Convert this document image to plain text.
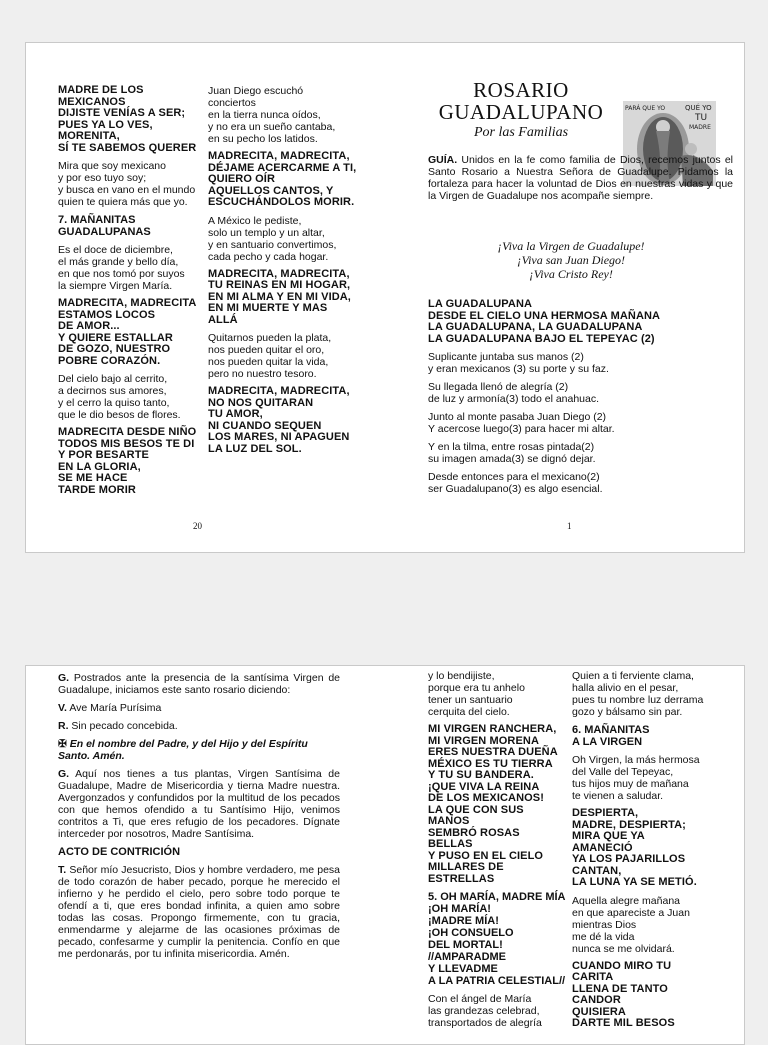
MADRE DE LOS
MEXICANOS
DIJISTE VENÍAS A SER;
PUES YA LO VES,
MORENITA,
SÍ TE SABEMOS QUERER

Mira que soy mexicano
y por eso tuyo soy;
y busca en vano en el mundo
quien te quiera más que yo.

7. MAÑANITAS
GUADALUPANAS

Es el doce de diciembre,
el más grande y bello día,
en que nos tomó por suyos
la siempre Virgen María.

MADRECITA, MADRECITA
ESTAMOS LOCOS
DE AMOR...
Y QUIERE ESTALLAR
DE GOZO, NUESTRO
POBRE CORAZÓN.

Del cielo bajo al cerrito,
a decirnos sus amores,
y el cerro la quiso tanto,
que le dio besos de flores.

MADRECITA DESDE NIÑO
TODOS MIS BESOS TE DI
Y POR BESARTE
EN LA GLORIA,
SE ME HACE
TARDE MORIR

Juan Diego escuchó
conciertos
en la tierra nunca oídos,
y no era un sueño cantaba,
en su pecho los latidos.

MADRECITA, MADRECITA,
DÉJAME ACERCARME A TI,
QUIERO OÍR
AQUELLOS CANTOS, Y
ESCUCHÁNDOLOS MORIR.

A México le pediste,
solo un templo y un altar,
y en santuario convertimos,
cada pecho y cada hogar.

MADRECITA, MADRECITA,
TU REINAS EN MI HOGAR,
EN MI ALMA Y EN MI VIDA,
EN MI MUERTE Y MAS ALLÁ

Quitarnos pueden la plata,
nos pueden quitar el oro,
nos pueden quitar la vida,
pero no nuestro tesoro.

MADRECITA, MADRECITA,
NO NOS QUITARAN
TU AMOR,
NI CUANDO SEQUEN
LOS MARES, NI APAGUEN
LA LUZ DEL SOL.

20
ROSARIO
GUADALUPANO
Por las Familias
PARÁ QUE YO	QUÉ YO
TU
MADRE

GUÍA. Unidos en la fe como familia de Dios, recemos juntos el Santo Rosario a Nuestra Señora de Guadalupe. Pidamos la fortaleza para hacer la voluntad de Dios en nuestras vidas y que la Virgen de Guadalupe nos acompañe siempre.

¡Viva la Virgen de Guadalupe!
¡Viva san Juan Diego!
¡Viva Cristo Rey!

LA GUADALUPANA
DESDE EL CIELO UNA HERMOSA MAÑANA
LA GUADALUPANA, LA GUADALUPANA
LA GUADALUPANA BAJO EL TEPEYAC (2)

Suplicante juntaba sus manos (2)
y eran mexicanos (3) su porte y su faz.

Su llegada llenó de alegría (2)
de luz y armonía(3) todo el anahuac.

Junto al monte pasaba Juan Diego (2)
Y acercose luego(3) para hacer mi altar.

Y en la tilma, entre rosas pintada(2)
su imagen amada(3) se dignó dejar.

Desde entonces para el mexicano(2)
ser Guadalupano(3) es algo esencial.

1

G. Postrados ante la presencia de la santísima Virgen de Guadalupe, iniciamos este santo rosario diciendo:

V. Ave María Purísima

R. Sin pecado concebida.

✠ En el nombre del Padre, y del Hijo y del Espíritu Santo. Amén.

G. Aquí nos tienes a tus plantas, Virgen Santísima de Guadalupe, Madre de Misericordia y tierna Madre nuestra. Avergonzados y confundidos por la multitud de los pecados con que hemos ofendido a tu Santísimo Hijo, venimos contritos a Ti, que eres refugio de los pecadores. Dígnate interceder por nosotros, Madre Santísima.

ACTO DE CONTRICIÓN

T. Señor mío Jesucristo, Dios y hombre verdadero, me pesa de todo corazón de haber pecado, porque he merecido el infierno y he perdido el cielo, pero sobre todo porque te ofendí a ti, que eres bondad infinita, a quien amo sobre todas las cosas. Propongo firmemente, con tu gracia, enmendarme y alejarme de las ocasiones próximas de pecado, confesarme y cumplir la penitencia. Confío en que me perdonarás, por tu infinita misericordia. Amén.

y lo bendijiste,
porque era tu anhelo
tener un santuario
cerquita del cielo.

MI VIRGEN RANCHERA,
MI VIRGEN MORENA
ERES NUESTRA DUEÑA
MÉXICO ES TU TIERRA
Y TU SU BANDERA.
¡QUE VIVA LA REINA
DE LOS MEXICANOS!
LA QUE CON SUS MANOS
SEMBRÓ ROSAS BELLAS
Y PUSO EN EL CIELO
MILLARES DE ESTRELLAS

5. OH MARÍA, MADRE MÍA
¡OH MARÍA!
¡MADRE MÍA!
¡OH CONSUELO
DEL MORTAL!
//AMPARADME
Y LLEVADME
A LA PATRIA CELESTIAL//

Con el ángel de María
las grandezas celebrad,
transportados de alegría

Quien a ti ferviente clama,
halla alivio en el pesar,
pues tu nombre luz derrama
gozo y bálsamo sin par.

6. MAÑANITAS
A LA VIRGEN

Oh Virgen, la más hermosa
del Valle del Tepeyac,
tus hijos muy de mañana
te vienen a saludar.

DESPIERTA,
MADRE, DESPIERTA;
MIRA QUE YA
AMANECIÓ
YA LOS PAJARILLOS
CANTAN,
LA LUNA YA SE METIÓ.

Aquella alegre mañana
en que apareciste a Juan
mientras Dios
me dé la vida
nunca se me olvidará.

CUANDO MIRO TU CARITA
LLENA DE TANTO
CANDOR
QUISIERA
DARTE MIL BESOS
